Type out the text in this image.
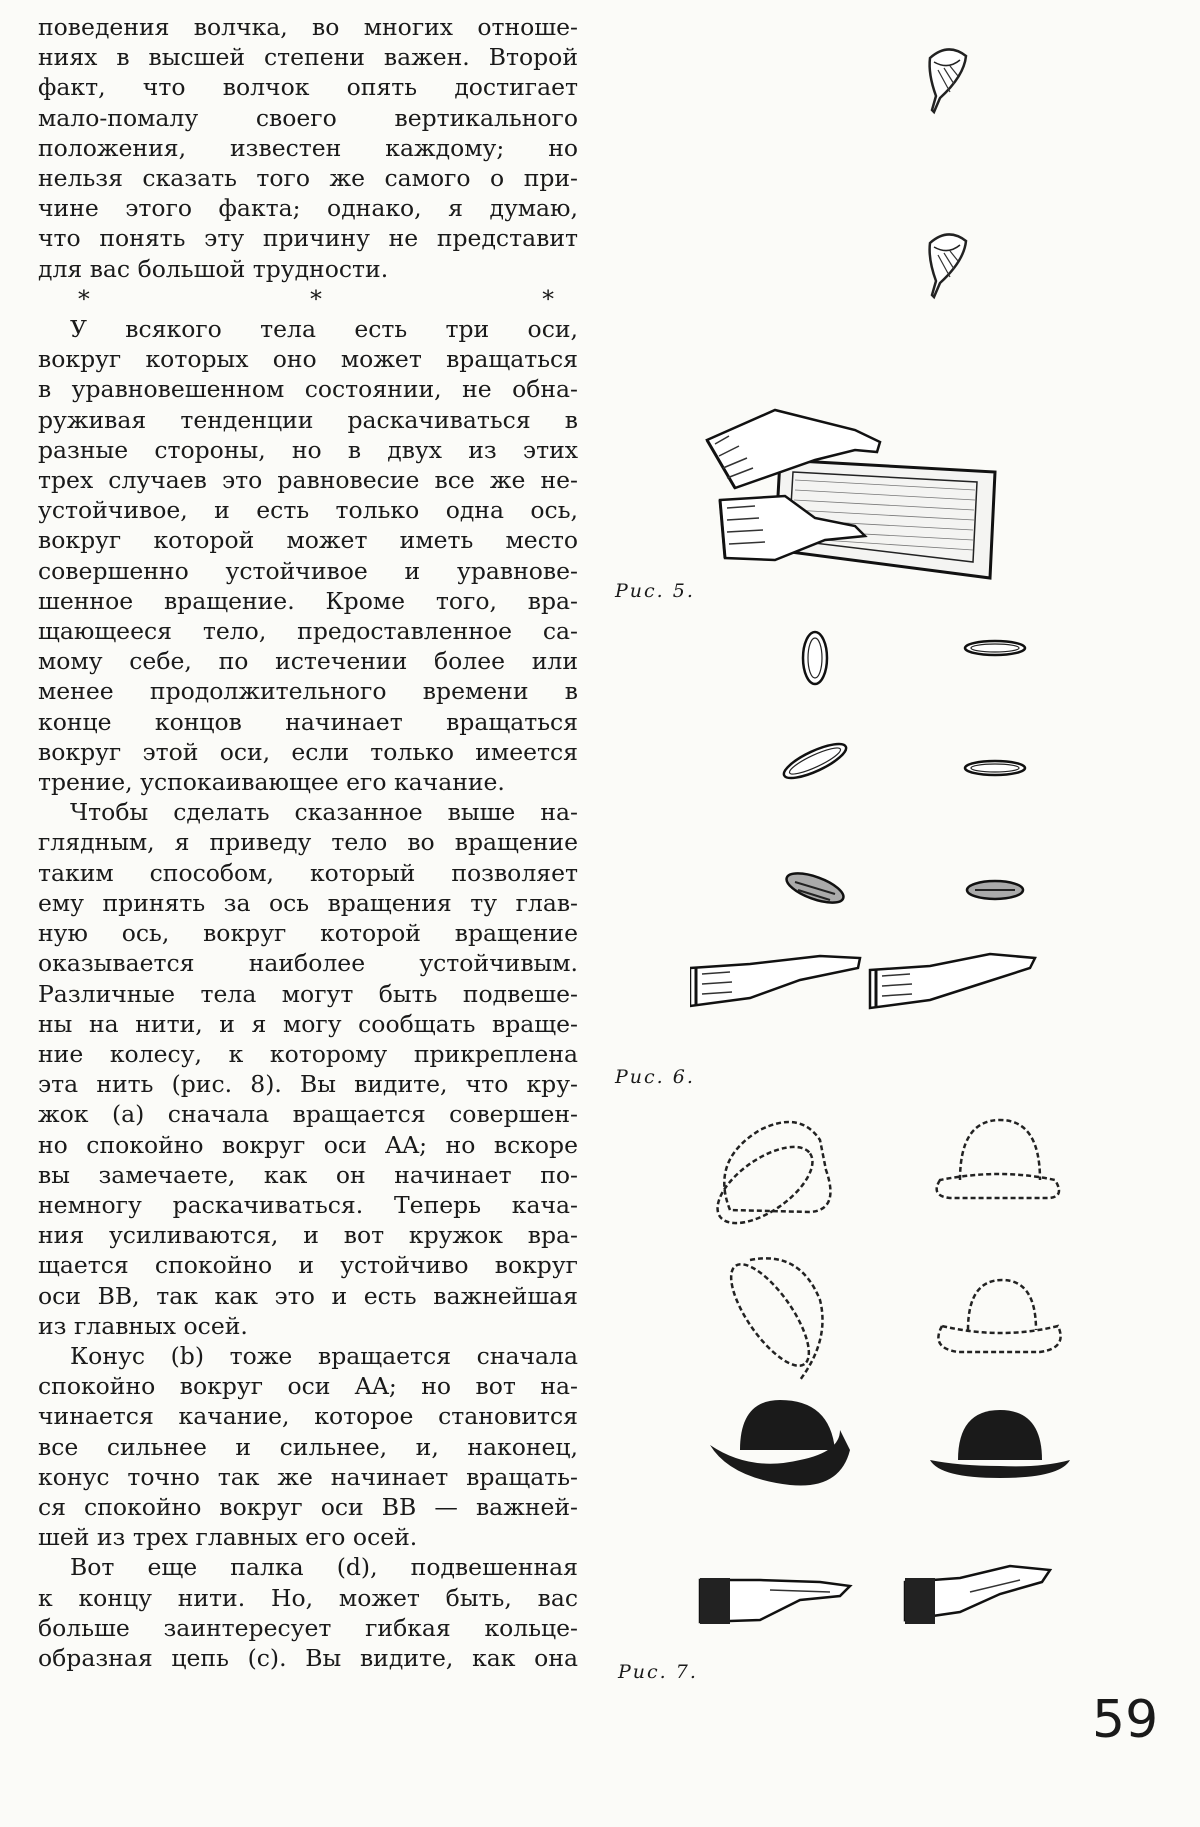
поведения волчка, во многих отноше-
ниях в высшей степени важен. Второй
факт, что волчок опять достигает
мало-помалу своего вертикального
положения, известен каждому; но
нельзя сказать того же самого о при-
чине этого факта; однако, я думаю,
что понять эту причину не представит
для вас большой трудности.
* * *
У всякого тела есть три оси,
вокруг которых оно может вращаться
в уравновешенном состоянии, не обна-
руживая тенденции раскачиваться в
разные стороны, но в двух из этих
трех случаев это равновесие все же не-
устойчивое, и есть только одна ось,
вокруг которой может иметь место
совершенно устойчивое и уравнове-
шенное вращение. Кроме того, вра-
щающееся тело, предоставленное са-
мому себе, по истечении более или
менее продолжительного времени в
конце концов начинает вращаться
вокруг этой оси, если только имеется
трение, успокаивающее его качание.
Чтобы сделать сказанное выше на-
глядным, я приведу тело во вращение
таким способом, который позволяет
ему принять за ось вращения ту глав-
ную ось, вокруг которой вращение
оказывается наиболее устойчивым.
Различные тела могут быть подвеше-
ны на нити, и я могу сообщать враще-
ние колесу, к которому прикреплена
эта нить (рис. 8). Вы видите, что кру-
жок (a) сначала вращается совершен-
но спокойно вокруг оси AA; но вскоре
вы замечаете, как он начинает по-
немногу раскачиваться. Теперь кача-
ния усиливаются, и вот кружок вра-
щается спокойно и устойчиво вокруг
оси BB, так как это и есть важнейшая
из главных осей.
Конус (b) тоже вращается сначала
спокойно вокруг оси AA; но вот на-
чинается качание, которое становится
все сильнее и сильнее, и, наконец,
конус точно так же начинает вращать-
ся спокойно вокруг оси BB — важней-
шей из трех главных его осей.
Вот еще палка (d), подвешенная
к концу нити. Но, может быть, вас
больше заинтересует гибкая кольце-
образная цепь (c). Вы видите, как она
Рис. 5.
Рис. 6.
Рис. 7.
59
